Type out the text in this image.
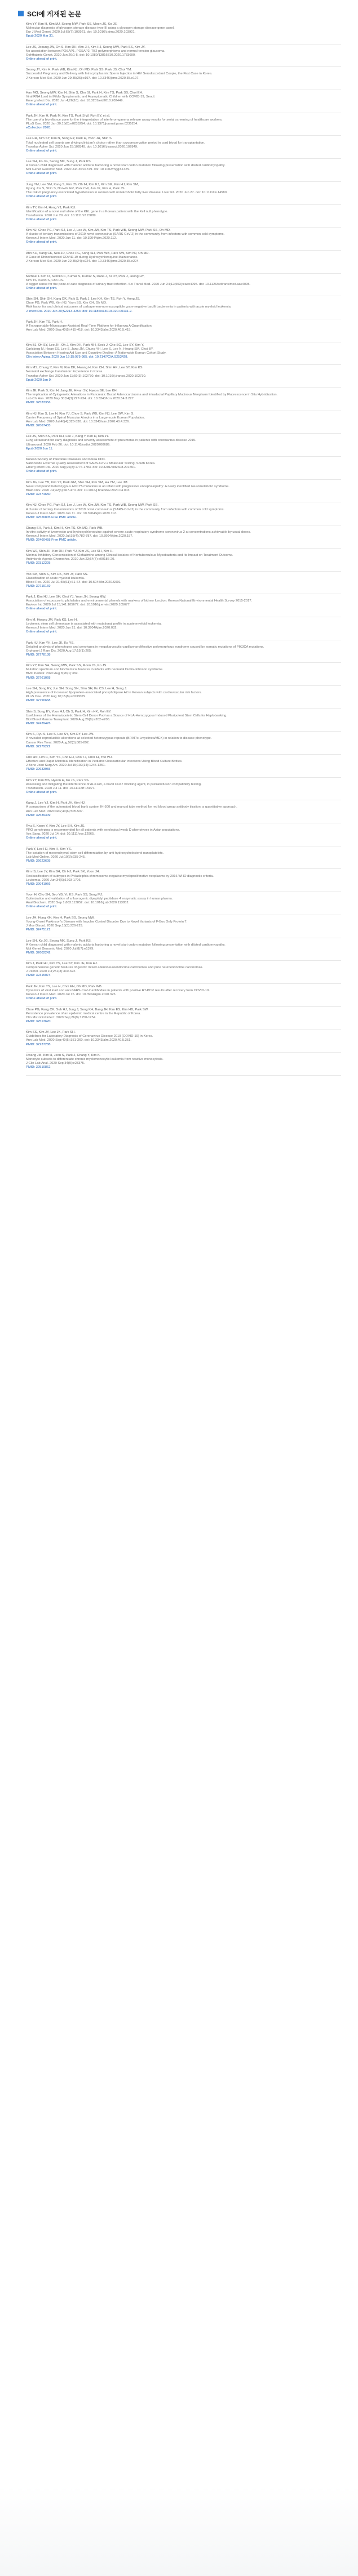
SCI에 게재된 논문
Kim YY, Kim H, Kim MJ, Seong MW, Park SS, Moon JS, Ko JS.
Molecular diagnosis of glycogen storage disease type III using a glycogen storage disease gene panel.
Eur J Med Genet. 2020 Jul;63(7):103921. doi: 10.1016/j.ejmg.2020.103921.
Epub 2020 Mar 31.
Lee JS, Jeoung JW, Oh S, Kim DH, Ahn JH, Kim HJ, Seong MW, Park SS, Kim JY.
No association between POSAP1, POSAP2, TB2 polymorphisms and normal-tension glaucoma.
Ophthalmic Genet. 2020 Jun 26:1-5. doi: 10.1080/13816810.2020.1783690.
Online ahead of print.
Seong JY, Kim H, Park WB, Kim NJ, Oh MD, Park SS, Park JS, Choi YM.
Successful Pregnancy and Delivery with Intracytoplasmic Sperm Injection in HIV Serodiscordant Couple, the First Case in Korea.
J Korean Med Sci. 2020 Jun 29;35(25):e197. doi: 10.3346/jkms.2020.35.e197.
Han MG, Seong MW, Kim H, Shin S, Cho SI, Park H, Kim TS, Park SS, Choi EH.
Viral RNA Load in Mildly Symptomatic and Asymptomatic Children with COVID-19, Seoul.
Emerg Infect Dis. 2020 Jun 4;26(10). doi: 10.3201/eid2610.202449.
Online ahead of print.
Park JH, Kim H, Park M, Kim TS, Park S-W, Roh EY, et al.
The use of a bioreliance zone for the interpretation of interferon-gamma release assay results for serial screening of healthcare workers.
PLoS One. 2020 Jan 30;15(6):e0235254. doi: 10.1371/journal.pone.0235254.
eCollection 2020.
Lee HR, Kim SY, Kim N, Song EY, Park H, Yoon JH, Shin S.
Total nucleated cell counts are driving clinician's choice rather than cryopreservation period in cord blood for transplantation.
Transfus Apher Sci. 2020 Jun 25:102849. doi: 10.1016/j.transci.2020.102849.
Online ahead of print.
Lee SH, Ko JG, Seong MK, Sung J, Park KS.
A Korean child diagnosed with malonic aciduria harboring a novel start codon mutation following presentation with dilated cardiomyopathy.
Mol Genet Genomic Med. 2020 Jun 30:e1379. doi: 10.1002/mgg3.1379.
Online ahead of print.
Jung YM, Lee SM, Kang S, Kim JS, Oh IH, Kim KJ, Kim SM, Kim HJ, Kim SM,
Kyung Jos S, Shin S, Norwitz ER, Park CW, Jun JK, Kim H, Park JS.
The risk of pregnancy-associated hypertension in women with nonalcoholic fatty liver disease. Liver Int. 2020 Jun 27. doi: 10.1111/liv.14580.
Online ahead of print.
Kim TY, Kim H, Hong YJ, Park KU.
Identification of a novel null allele of the KEL gene in a Korean patient with the Kell null phenotype.
Transfusion. 2020 Jun 29. doi: 10.1111/trf.15889.
Online ahead of print.
Kim NJ, Choe PG, Park SJ, Lee J, Lee W, Kim JW, Kim TS, Park WB, Seong MW, Park SS, Oh MD.
A cluster of tertiary transmissions of 2019 novel coronavirus (SARS-CoV-2) in the community from infectors with common cold symptoms.
Korean J Intern Med. 2020 Jun 11. doi: 10.3904/kjim.2020.112.
Online ahead of print.
Ahn KH, Kang CK, Seo JD, Choe PG, Song SH, Park WB, Park SW, Kim NJ, Oh MD.
A Case of Rhinofluoresel COVID-19 during Hydroxychloroquine Maintenance.
J Korean Med Sci. 2020 Jun 22;35(24):e224. doi: 10.3346/jkms.2020.35.e224.
Michael L Kim O, Sutinko C, Kumar S, Kumar S, Dana J, Ki DY, Park J, Jeong HY,
Kim TS, Kwon S, Cho HS.
A bigger sense for the point-of-care diagnosis of urinary tract infection. Sci Transl Med. 2020 Jun 24;12(553):eaax4095. doi: 10.1126/scitranslmed.aax4095.
Online ahead of print.
Shin SH, Shin SH, Kang DK, Park S, Park J, Lee KH, Kim TS, Roh Y, Hong JS,
Choe PG, Park WB, Kim NJ, Yoon SS, Kim CH, Oh MD.
Risk factor for and clinical outcomes of carbapenem-non-susceptible gram-negative bacilli bacteremia in patients with acute myeloid leukemia.
J Infect Dis. 2020 Jun 20;S2213-4254: doi: 10.1186/s13019-020-00131-2.
Park JH, Kim TS, Park H.
A Transportable-Microscope-Assisted Real-Time Platform for Influenza A Quantification.
Ann Lab Med. 2020 Sep;40(5):415-418. doi: 10.3343/alm.2020.40.5.415.
Kim BJ, Oh SY, Lee JH, Oh J, Kim DH, Park MH, Seok J, Cho SG, Lee SY, Kim Y,
Carlsberg M, Hwan ES, Lee S, Jang JM, Chung YH, Lee S, Lee N, Hwang SM, Choi BY.
Association Between Hearing Aid Use and Cognitive Decline: A Nationwide Korean Cohort Study.
Clin Interv Aging. 2020 Jun 19;15:975-985. doi: 10.2147/CIA.S253428.
Kim MS, Chung Y, Kim M, Kim DK, Hwang H, Kim CH, Shin HK, Lee SY, Kim KS.
Neonatal exchange transfusion: Experience in Korea.
Transfus Apher Sci. 2020 Jun 11;59(3):102730. doi: 10.1016/j.transci.2020.102730.
Epub 2020 Jan 9.
Kim JE, Park S, Kim H, Jang JE, Hwan SY, Hyeon SE, Lee KH.
The Implication of Cytogenetic Alterations in Pancreatic Ductal Adenocarcinoma and Intraductal Papillary Mucinous Neoplasm Identified by Fluorescence in Situ Hybridization.
Lab Chi Ann. 2020 May 30;54(3):227-234. doi: 10.3343/lcm.2020.54.3.227.
PMID: 32533356
Kim HJ, Kim S, Lee H, Kim YJ, Choe S, Park WB, Kim NJ, Lee SW, Kim S.
Carrier Frequency of Spinal Muscular Atrophy in a Large-scale Korean Population.
Ann Lab Med. 2020 Jul;40(4):326-330. doi: 10.3343/alm.2020.40.4.326.
PMID: 32067433
Lee JS, Shin KS, Park KH, Lee J, Kang Y, Kim H, Kim JY.
Lung ultrasound for early diagnosis and severity assessment of pneumonia in patients with coronavirus disease 2019.
Ultrasound. 2020 Feb 26. doi: 10.1148/radiol.2020200689.
Epub 2020 Jun 11.
Korean Society of Infectious Diseases and Korea CDC.
Nationwide External Quality Assessment of SARS-CoV-2 Molecular Testing, South Korea.
Emerg Infect Dis. 2020 Aug;26(8):1776-1783. doi: 10.3201/eid2608.201551.
Online ahead of print.
Kim JG, Lee YB, Kim YJ, Park GM, Shin SH, Kim SM, Ha YM, Lee JM.
Novel compound heterozygous ADCY5 mutations in an infant with progressive encephalopathy: A newly identified neurometabolic syndrome.
Brain Dev. 2020 Jul;42(6):467-470. doi: 10.1016/j.braindev.2020.04.003.
PMID: 32374650
Kim NJ, Choe PG, Park SJ, Lee J, Lee W, Kim JW, Kim TS, Park WB, Seong MW, Park SS.
A cluster of tertiary transmissions of 2019 novel coronavirus (SARS-CoV-2) in the community from infectors with common cold symptoms.
Korean J Intern Med. 2020 Jun 11. doi: 10.3904/kjim.2020.112.
PMID: 32526805 Free PMC article.
Chang SH, Park J, Kim H, Kim TS, Oh MD, Park WB.
In vitro activity of ivermectin and hydroxychloroquine against severe acute respiratory syndrome coronavirus 2 at concentrations achievable by usual doses.
Korean J Intern Med. 2020 Jul;35(4):782-787. doi: 10.3904/kjim.2020.157.
PMID: 32460458 Free PMC article.
Kim WJ, Shin JH, Kim DH, Park YJ, Kim JS, Lee SH, Kim H.
Minimal Inhibitory Concentration of Clofazimine among Clinical Isolates of Nontuberculous Mycobacteria and Its Impact on Treatment Outcome.
Antimicrob Agents Chemother. 2020 Jun 23;64(7):e00186-20.
PMID: 32312225
Yoo SM, Shin S, Kim HK, Kim JY, Park SS.
Classification of acute myeloid leukemia.
Blood Res. 2020 Jul 31;55(S1):S1-S4. doi: 10.5045/br.2020.S001.
PMID: 32719169
Park J, Kim HJ, Lee SH, Choi YJ, Yoon JH, Seong MW.
Association of exposure to phthalates and environmental phenols with markers of kidney function: Korean National Environmental Health Survey 2015-2017.
Environ Int. 2020 Jul 15;141:105677. doi: 10.1016/j.envint.2020.105677.
Online ahead of print.
Kim M, Hwang JM, Park KS, Lee H.
Leukemic stem cell phenotype is associated with mutational profile in acute myeloid leukemia.
Korean J Intern Med. 2020 Jun 21. doi: 10.3904/kjim.2020.032.
Online ahead of print.
Park HJ, Kim YH, Lee JK, Ko YS.
Detailed analysis of phenotypes and genotypes in megakaryocytic-capillary proliferative polymorphous syndrome caused by somatic mutations of PIK3CA mutations.
Orphanet J Rare Dis. 2020 Aug 17;15(1):205.
PMID: 32778138
Kim YY, Kim SH, Seong MW, Park SS, Moon JS, Ko JS.
Mutation spectrum and biochemical features in infants with neonatal Dubin-Johnson syndrome.
BMC Pediatr. 2020 Aug 8;20(1):369.
PMID: 32761068
Lee SH, Song EY, Jun SH, Song SH, Shin SH, Ko CS, Lee H, Song J.
High prevalence of increased lipoprotein-associated phospholipase A2 in Korean subjects with cardiovascular risk factors.
PLoS One. 2020 Aug 10;15(8):e0238079.
PMID: 32790668
Shin S, Song EY, Yoon HJ, Oh S, Park H, Kim HK, Roh EY.
Usefulness of the Hematopoietic Stem Cell Donor Pool as a Source of HLA-Homozygous Induced Pluripotent Stem Cells for Haplobanking.
Biol Blood Marrow Transplant. 2020 Aug;26(8):e202-e206.
PMID: 32439476
Kim S, Ryu S, Lee S, Lee SY, Kim DY, Lee JW.
A revealed reproducible alterations at selected heterozygous repeats (BRAF/c-Lmyelinea/MEK) in relation to disease phenotype.
Cancer Res Treat. 2020 Aug;52(3):885-892.
PMID: 32279222
Cho HN, Lim C, Kim YS, Cho EH, Cho TJ, Choi IH, Yoo WJ.
Effective and Rapid Microbial Identification in Pediatric Osteoarticular Infections Using Blood Culture Bottles.
J Bone Joint Surg Am. 2020 Jul 15;102(14):1245-1251.
PMID: 32633955
Kim YY, Kim MS, Hyeon H, Ko JS, Park SS.
Assessing and mitigating the interference of ALX148, a novel CD47 blocking agent, in pretransfusion compatibility testing.
Transfusion. 2020 Jul 11. doi: 10.1111/trf.15927.
Online ahead of print.
Kang J, Lee YJ, Kim H, Park JH, Kim HJ.
A comparison of the automated blood bank system IH-500 and manual tube method for red blood group antibody titration: a quantitative approach.
Ann Lab Med. 2020 Nov;40(6):505-507.
PMID: 32539309
Ryu S, Kwon Y, Kim JY, Lee SH, Kim JS.
PRO genotyping is recommended for all patients with serological weak D phenotypes in Asian populations.
Vox Sang. 2020 Jul 14. doi: 10.1111/vox.12965.
Online ahead of print.
Park Y, Lee HJ, Kim H, Kim YS.
The isolation of mesenchymal stem cell differentiation by anti-hydroxycholesterol nanoplatelets.
Lab Med Online. 2020 Jul;10(3):235-245.
PMID: 32623605
Kim IS, Lee JY, Kim SH, Oh HJ, Park SK, Yoon JH.
Reclassification of subtypes in Philadelphia chromosome-negative myeloproliferative neoplasms by 2016 WHO diagnostic criteria.
Leukemia. 2020 Jun;34(6):1703-1706.
PMID: 32041966
Yoon H, Cho SH, Seo YB, Yu KS, Park SS, Song MJ.
Optimization and validation of a fluorogenic dipeptidyl peptidase 4 enzymatic assay in human plasma.
Anal Biochem. 2020 Sep 1;603:113852. doi: 10.1016/j.ab.2020.113852.
Online ahead of print.
Lee JH, Hong KH, Kim H, Park SS, Seong MW.
Young-Onset Parkinson's Disease with Impulse Control Disorder Due to Novel Variants of F-Box Only Protein 7.
J Mov Disord. 2020 Sep;13(3):226-229.
PMID: 32475121
Lee SH, Ko JG, Seong MK, Sung J, Park KS.
A Korean child diagnosed with malonic aciduria harboring a novel start codon mutation following presentation with dilated cardiomyopathy.
Mol Genet Genomic Med. 2020 Jul;8(7):e1379.
PMID: 32602242
Kim J, Park HJ, Kim YS, Lee SY, Kim JE, Kim HJ.
Comprehensive genetic features of gastric mixed adenoneuroendocrine carcinomas and pure neuroendocrine carcinomas.
J Pathol. 2020 Jul;251(3):310-322.
PMID: 32315074
Park JH, Kim TS, Lee H, Choi EH, Oh MD, Park WB.
Dynamics of viral load and anti-SARS-CoV-2 antibodies in patients with positive RT-PCR results after recovery from COVID-19.
Korean J Intern Med. 2020 Jul 15. doi: 10.3904/kjim.2020.325.
Online ahead of print.
Choe PG, Kang CK, Suh HJ, Jung J, Song KH, Bang JH, Kim ES, Kim HB, Park SW.
Persistence prevalence of an epidemic medical centre in the Republic of Korea.
Clin Microbiol Infect. 2020 Sep;26(9):1250-1254.
PMID: 32513620
Kim SS, Kim JY, Lee JK, Park SH.
Guidelines for Laboratory Diagnosis of Coronavirus Disease 2019 (COVID-19) in Korea.
Ann Lab Med. 2020 Sep;40(5):351-360. doi: 10.3343/alm.2020.40.5.351.
PMID: 32237288
Hwang JM, Kim H, Jeon S, Park J, Chang Y, Kim K.
Monocyte subsets to differentiate chronic myelomonocytic leukemia from reactive monocytosis.
J Clin Lab Anal. 2020 Sep;34(9):e23375.
PMID: 32510862
